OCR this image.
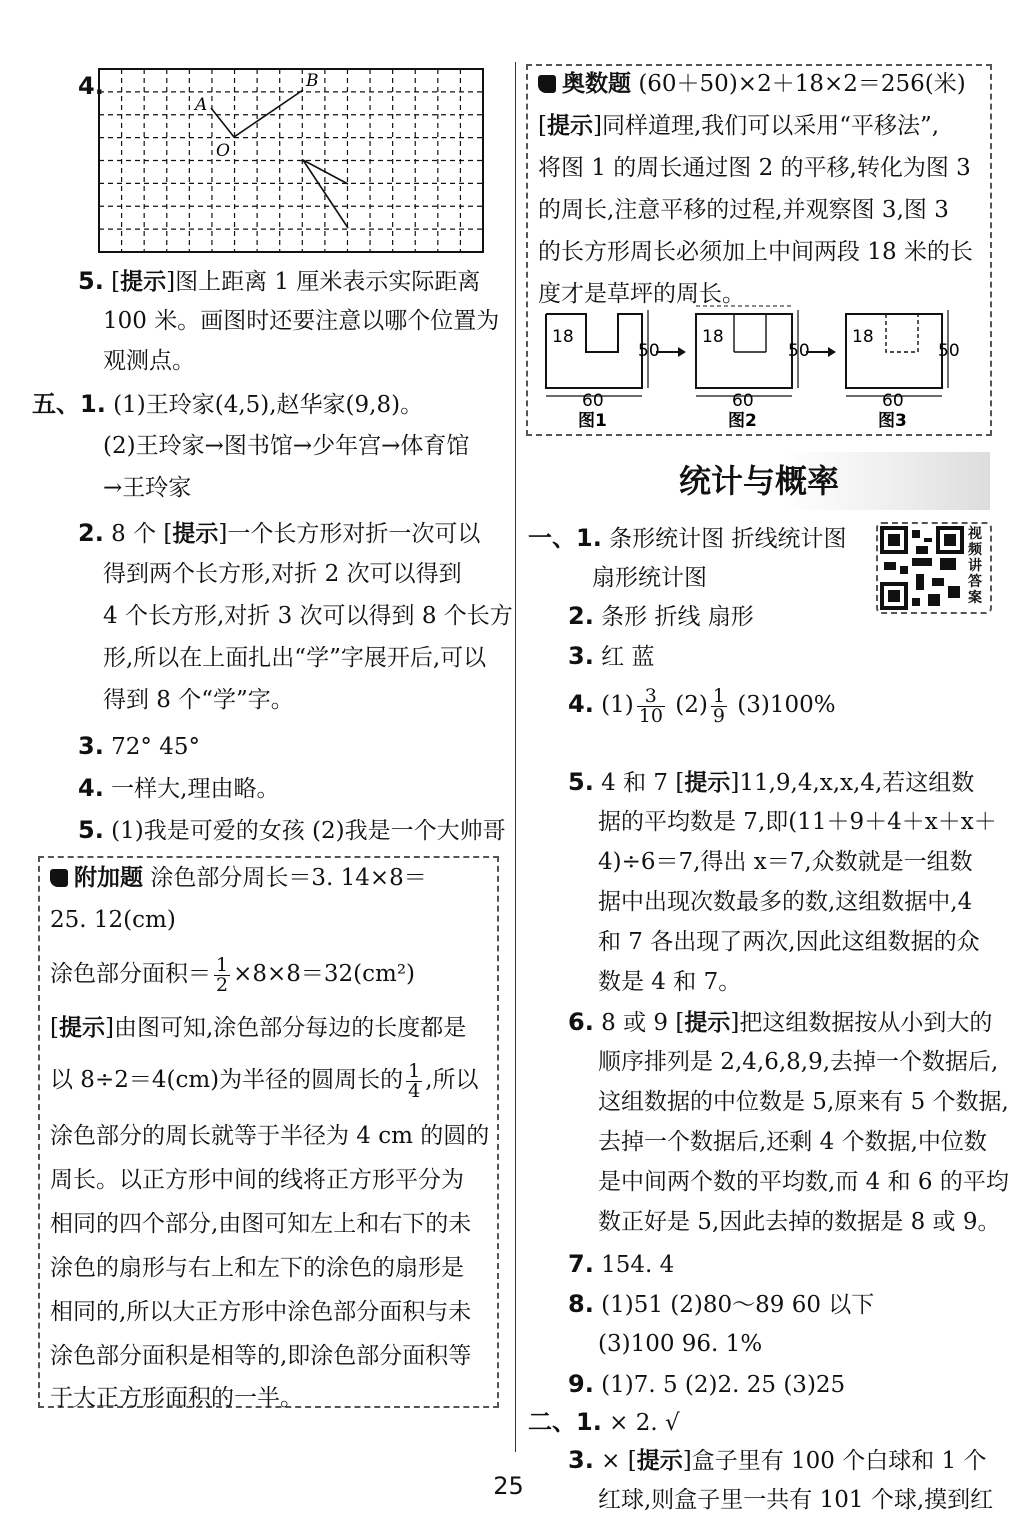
4.
A
B
O
5. [提示]图上距离 1 厘米表示实际距离
100 米。画图时还要注意以哪个位置为
观测点。
五、1. (1)王玲家(4,5),赵华家(9,8)。
(2)王玲家→图书馆→少年宫→体育馆
→王玲家
2. 8 个 [提示]一个长方形对折一次可以
得到两个长方形,对折 2 次可以得到
4 个长方形,对折 3 次可以得到 8 个长方
形,所以在上面扎出“学”字展开后,可以
得到 8 个“学”字。
3. 72° 45°
4. 一样大,理由略。
5. (1)我是可爱的女孩 (2)我是一个大帅哥
附加题 涂色部分周长＝3. 14×8＝
25. 12(cm)
涂色部分面积＝ $\frac{1}{2} \times 8\times 8=32(cm^2)$
[提示]由图可知,涂色部分每边的长度都是
以 8÷2＝4(cm)为半径的圆周长的 $\frac{1}{4}$ ,所以
涂色部分的周长就等于半径为 4 cm 的圆的
周长。以正方形中间的线将正方形平分为
相同的四个部分,由图可知左上和右下的未
涂色的扇形与右上和左下的涂色的扇形是
相同的,所以大正方形中涂色部分面积与未
涂色部分面积是相等的,即涂色部分面积等
于大正方形面积的一半。
奥数题 (60＋50)×2＋18×2＝256(米)
[提示]同样道理,我们可以采用“平移法”,
将图 1 的周长通过图 2 的平移,转化为图 3
的周长,注意平移的过程,并观察图 3,图 3
的长方形周长必须加上中间两段 18 米的长
度才是草坪的周长。
18
50
60
图1
18
50
60
图2
18
50
60
图3
统计与概率
视频讲答案
一、1. 条形统计图 折线统计图
扇形统计图
2. 条形 折线 扇形
3. 红 蓝
4. $(1) \frac{3}{10} (2) \frac{1}{9} (3)100\%$
5. 4 和 7 [提示]11,9,4,x,x,4,若这组数
据的平均数是 7,即(11＋9＋4＋x＋x＋
4)÷6＝7,得出 x＝7,众数就是一组数
据中出现次数最多的数,这组数据中,4
和 7 各出现了两次,因此这组数据的众
数是 4 和 7。
6. 8 或 9 [提示]把这组数据按从小到大的
顺序排列是 2,4,6,8,9,去掉一个数据后,
这组数据的中位数是 5,原来有 5 个数据,
去掉一个数据后,还剩 4 个数据,中位数
是中间两个数的平均数,而 4 和 6 的平均
数正好是 5,因此去掉的数据是 8 或 9。
7. 154. 4
8. (1)51 (2)80～89 60 以下
(3)100 96. 1%
9. (1)7. 5 (2)2. 25 (3)25
二、1. × 2. √
3. × [提示]盒子里有 100 个白球和 1 个
红球,则盒子里一共有 101 个球,摸到红
25
